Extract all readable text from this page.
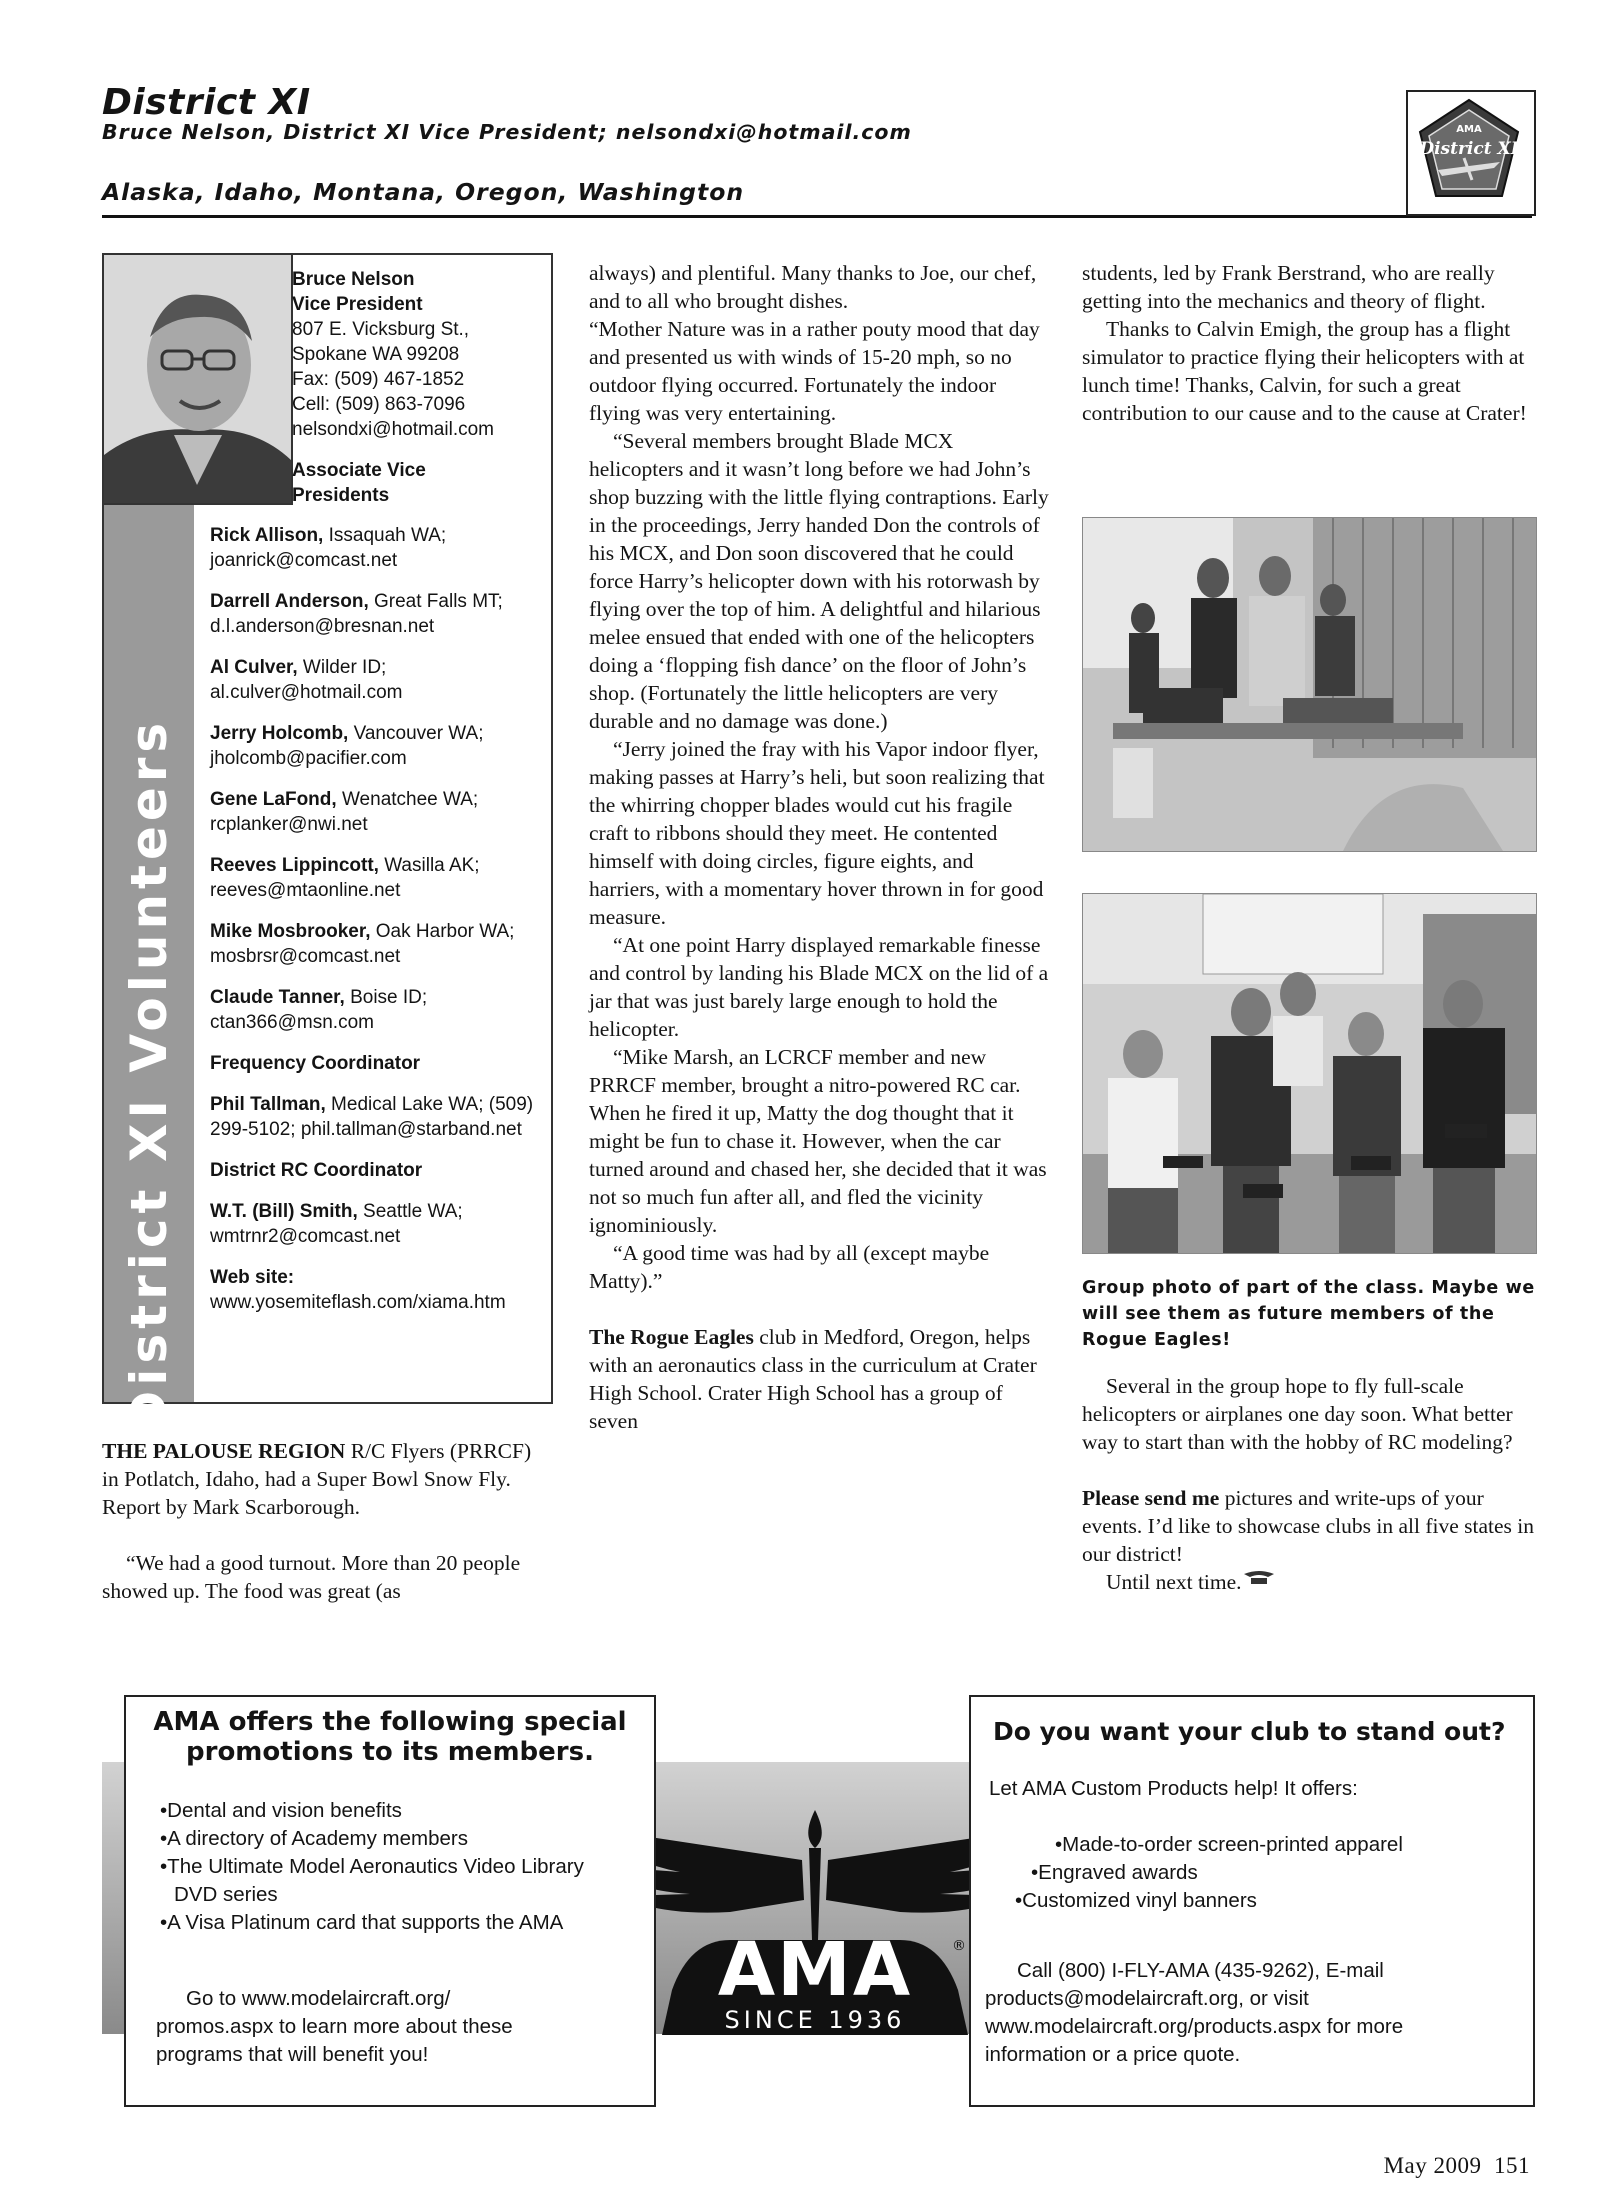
District XI
Bruce Nelson, District XI Vice President; nelsondxi@hotmail.com
Alaska, Idaho, Montana, Oregon, Washington
AMA
District XI
District XI Volunteers
Bruce Nelson
Vice President
807 E. Vicksburg St.,
Spokane WA 99208
Fax: (509) 467-1852
Cell: (509) 863-7096
nelsondxi@hotmail.com
Associate Vice Presidents
Rick Allison, Issaquah WA; joanrick@comcast.net
Darrell Anderson, Great Falls MT; d.l.anderson@bresnan.net
Al Culver, Wilder ID; al.culver@hotmail.com
Jerry Holcomb, Vancouver WA; jholcomb@pacifier.com
Gene LaFond, Wenatchee WA; rcplanker@nwi.net
Reeves Lippincott, Wasilla AK; reeves@mtaonline.net
Mike Mosbrooker, Oak Harbor WA; mosbrsr@comcast.net
Claude Tanner, Boise ID; ctan366@msn.com
Frequency Coordinator
Phil Tallman, Medical Lake WA; (509) 299-5102; phil.tallman@starband.net
District RC Coordinator
W.T. (Bill) Smith, Seattle WA; wmtrnr2@comcast.net
Web site: www.yosemiteflash.com/xiama.htm

THE PALOUSE REGION R/C Flyers (PRRCF) in Potlatch, Idaho, had a Super Bowl Snow Fly. Report by Mark Scarborough.

“We had a good turnout. More than 20 people showed up. The food was great (as

always) and plentiful. Many thanks to Joe, our chef, and to all who brought dishes.

“Mother Nature was in a rather pouty mood that day and presented us with winds of 15-20 mph, so no outdoor flying occurred. Fortunately the indoor flying was very entertaining.

“Several members brought Blade MCX helicopters and it wasn’t long before we had John’s shop buzzing with the little flying contraptions. Early in the proceedings, Jerry handed Don the controls of his MCX, and Don soon discovered that he could force Harry’s helicopter down with his rotorwash by flying over the top of him. A delightful and hilarious melee ensued that ended with one of the helicopters doing a ‘flopping fish dance’ on the floor of John’s shop. (Fortunately the little helicopters are very durable and no damage was done.)

“Jerry joined the fray with his Vapor indoor flyer, making passes at Harry’s heli, but soon realizing that the whirring chopper blades would cut his fragile craft to ribbons should they meet. He contented himself with doing circles, figure eights, and harriers, with a momentary hover thrown in for good measure.

“At one point Harry displayed remarkable finesse and control by landing his Blade MCX on the lid of a jar that was just barely large enough to hold the helicopter.

“Mike Marsh, an LCRCF member and new PRRCF member, brought a nitro-powered RC car. When he fired it up, Matty the dog thought that it might be fun to chase it. However, when the car turned around and chased her, she decided that it was not so much fun after all, and fled the vicinity ignominiously.

“A good time was had by all (except maybe Matty).”

The Rogue Eagles club in Medford, Oregon, helps with an aeronautics class in the curriculum at Crater High School. Crater High School has a group of seven

students, led by Frank Berstrand, who are really getting into the mechanics and theory of flight.

Thanks to Calvin Emigh, the group has a flight simulator to practice flying their helicopters with at lunch time! Thanks, Calvin, for such a great contribution to our cause and to the cause at Crater!

Group photo of part of the class. Maybe we will see them as future members of the Rogue Eagles!

Several in the group hope to fly full-scale helicopters or airplanes one day soon. What better way to start than with the hobby of RC modeling?

Please send me pictures and write-ups of your events. I’d like to showcase clubs in all five states in our district!

Until next time.

AMA	®
SINCE 1936
AMA offers the following special promotions to its members.
•Dental and vision benefits
•A directory of Academy members
•The Ultimate Model Aeronautics Video Library DVD series
•A Visa Platinum card that supports the AMA
Go to www.modelaircraft.org/
promos.aspx to learn more about these
programs that will benefit you!
Do you want your club to stand out?
Let AMA Custom Products help! It offers:
•Made-to-order screen-printed apparel
•Engraved awards
•Customized vinyl banners
Call (800) I-FLY-AMA (435-9262), E-mail
products@modelaircraft.org, or visit
www.modelaircraft.org/products.aspx for more
information or a price quote.
May 2009  151
